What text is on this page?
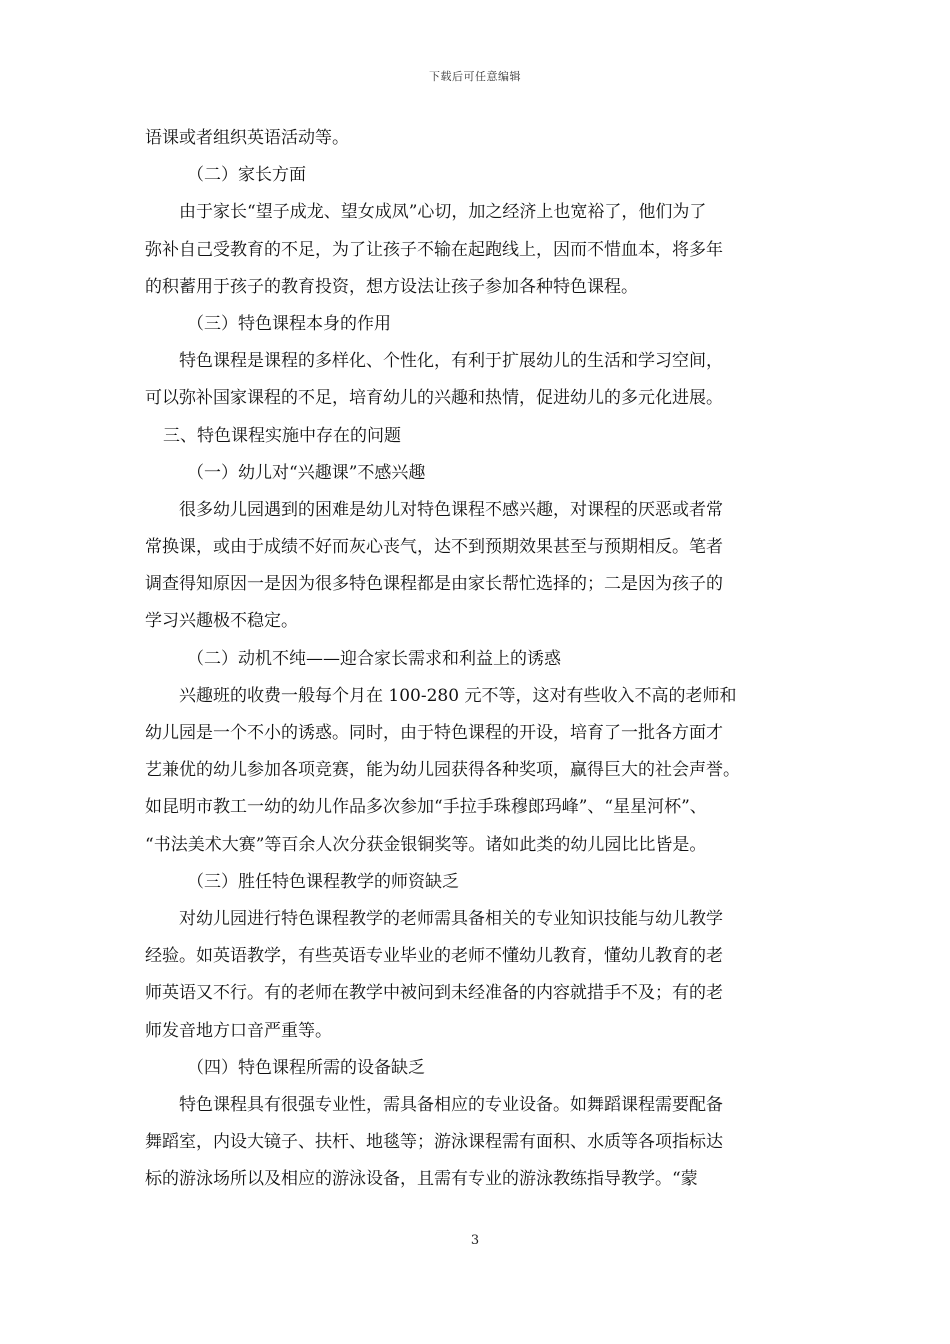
下载后可任意编辑
语课或者组织英语活动等。
（二）家长方面
由于家长“望子成龙、望女成凤”心切，加之经济上也宽裕了，他们为了
弥补自己受教育的不足，为了让孩子不输在起跑线上，因而不惜血本，将多年
的积蓄用于孩子的教育投资，想方设法让孩子参加各种特色课程。
（三）特色课程本身的作用
特色课程是课程的多样化、个性化，有利于扩展幼儿的生活和学习空间，
可以弥补国家课程的不足，培育幼儿的兴趣和热情，促进幼儿的多元化进展。
三、特色课程实施中存在的问题
（一）幼儿对“兴趣课”不感兴趣
很多幼儿园遇到的困难是幼儿对特色课程不感兴趣，对课程的厌恶或者常
常换课，或由于成绩不好而灰心丧气，达不到预期效果甚至与预期相反。笔者
调查得知原因一是因为很多特色课程都是由家长帮忙选择的；二是因为孩子的
学习兴趣极不稳定。
（二）动机不纯——迎合家长需求和利益上的诱惑
兴趣班的收费一般每个月在 100-280 元不等，这对有些收入不高的老师和
幼儿园是一个不小的诱惑。同时，由于特色课程的开设，培育了一批各方面才
艺兼优的幼儿参加各项竞赛，能为幼儿园获得各种奖项，赢得巨大的社会声誉。
如昆明市教工一幼的幼儿作品多次参加“手拉手珠穆郎玛峰”、“星星河杯”、
“书法美术大赛”等百余人次分获金银铜奖等。诸如此类的幼儿园比比皆是。
（三）胜任特色课程教学的师资缺乏
对幼儿园进行特色课程教学的老师需具备相关的专业知识技能与幼儿教学
经验。如英语教学，有些英语专业毕业的老师不懂幼儿教育，懂幼儿教育的老
师英语又不行。有的老师在教学中被问到未经准备的内容就措手不及；有的老
师发音地方口音严重等。
（四）特色课程所需的设备缺乏
特色课程具有很强专业性，需具备相应的专业设备。如舞蹈课程需要配备
舞蹈室，内设大镜子、扶杆、地毯等；游泳课程需有面积、水质等各项指标达
标的游泳场所以及相应的游泳设备，且需有专业的游泳教练指导教学。“蒙
3
